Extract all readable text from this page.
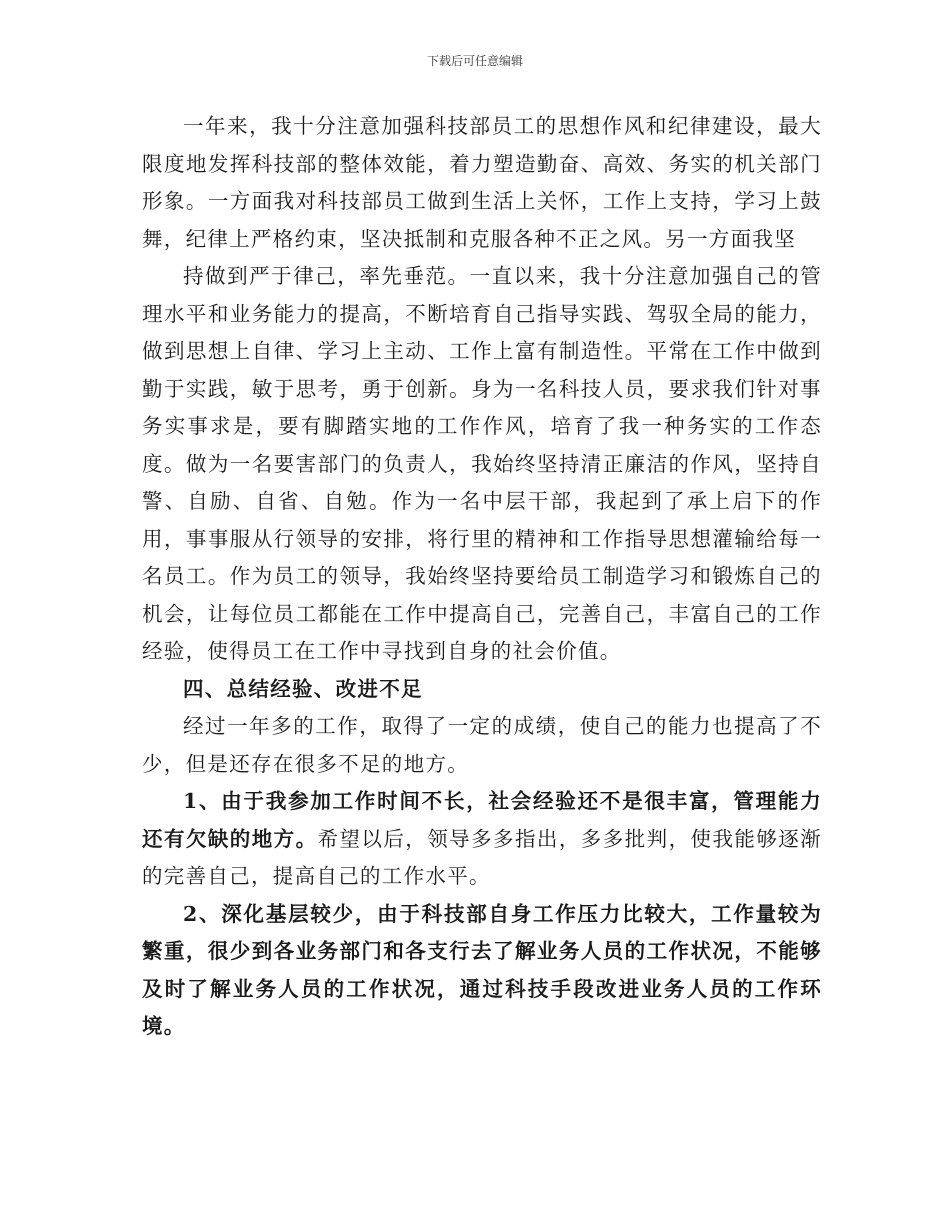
下载后可任意编辑

一年来，我十分注意加强科技部员工的思想作风和纪律建设，最大限度地发挥科技部的整体效能，着力塑造勤奋、高效、务实的机关部门形象。一方面我对科技部员工做到生活上关怀，工作上支持，学习上鼓舞，纪律上严格约束，坚决抵制和克服各种不正之风。另一方面我坚

持做到严于律己，率先垂范。一直以来，我十分注意加强自己的管理水平和业务能力的提高，不断培育自己指导实践、驾驭全局的能力，做到思想上自律、学习上主动、工作上富有制造性。平常在工作中做到勤于实践，敏于思考，勇于创新。身为一名科技人员，要求我们针对事务实事求是，要有脚踏实地的工作作风，培育了我一种务实的工作态度。做为一名要害部门的负责人，我始终坚持清正廉洁的作风，坚持自警、自励、自省、自勉。作为一名中层干部，我起到了承上启下的作用，事事服从行领导的安排，将行里的精神和工作指导思想灌输给每一名员工。作为员工的领导，我始终坚持要给员工制造学习和锻炼自己的机会，让每位员工都能在工作中提高自己，完善自己，丰富自己的工作经验，使得员工在工作中寻找到自身的社会价值。

四、总结经验、改进不足

经过一年多的工作，取得了一定的成绩，使自己的能力也提高了不少，但是还存在很多不足的地方。

1、由于我参加工作时间不长，社会经验还不是很丰富，管理能力还有欠缺的地方。希望以后，领导多多指出，多多批判，使我能够逐渐的完善自己，提高自己的工作水平。

2、深化基层较少，由于科技部自身工作压力比较大，工作量较为繁重，很少到各业务部门和各支行去了解业务人员的工作状况，不能够及时了解业务人员的工作状况，通过科技手段改进业务人员的工作环境。
